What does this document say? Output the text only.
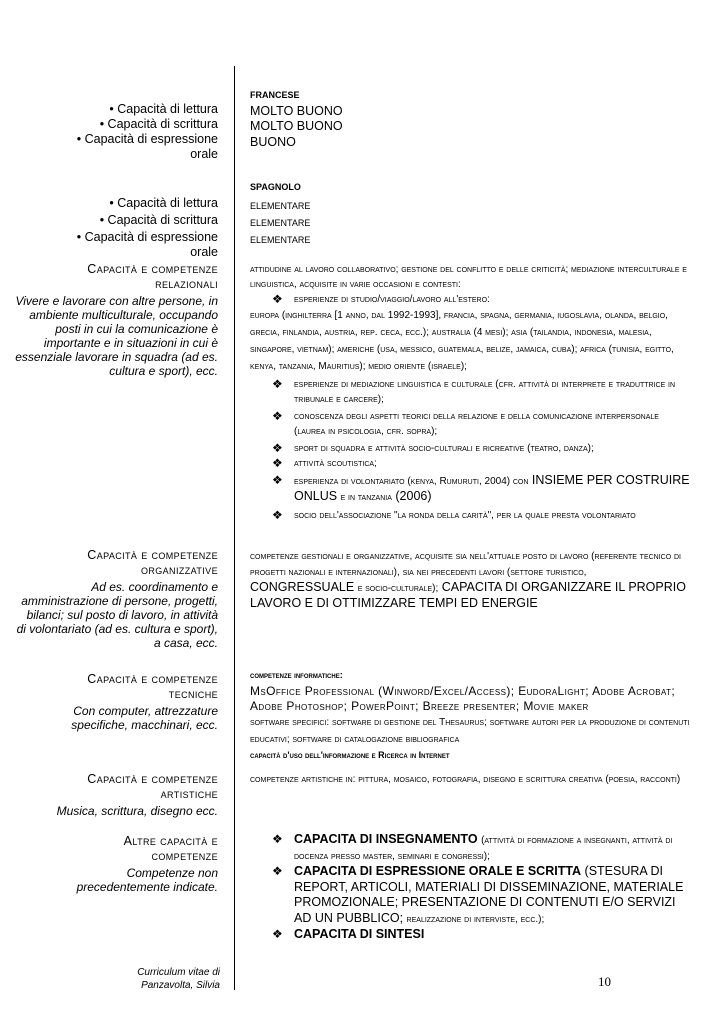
• Capacità di lettura
• Capacità di scrittura
• Capacità di espressione orale
FRANCESE
MOLTO BUONO
MOLTO BUONO
BUONO
• Capacità di lettura
• Capacità di scrittura
• Capacità di espressione orale
SPAGNOLO
ELEMENTARE
ELEMENTARE
ELEMENTARE
Capacità e competenze relazionali
Vivere e lavorare con altre persone, in ambiente multiculturale, occupando posti in cui la comunicazione è importante e in situazioni in cui è essenziale lavorare in squadra (ad es. cultura e sport), ecc.
attidudine al lavoro collaborativo; gestione del conflitto e delle criticità; mediazione interculturale e linguistica, acquisite in varie occasioni e contesti:
❖ esperienze di studio/viaggio/lavoro all'estero:
europa (inghilterra [1 anno, dal 1992-1993], francia, spagna, germania, iugoslavia, olanda, belgio, grecia, finlandia, austria, rep. ceca, ecc.); australia (4 mesi); asia (tailandia, indonesia, malesia, singapore, vietnam); americhe (usa, messico, guatemala, belize, jamaica, cuba); africa (tunisia, egitto, kenya, tanzania, Mauritius); medio oriente (israele);
❖ esperienze di mediazione linguistica e culturale (cfr. attività di interprete e traduttrice in tribunale e carcere);
❖ conoscenza degli aspetti teorici della relazione e della comunicazione interpersonale (laurea in psicologia, cfr. sopra);
❖ sport di squadra e attività socio-culturali e ricreative (teatro, danza);
❖ attività scoutistica;
❖ esperienza di volontariato (kenya, Rumuruti, 2004) con INSIEME PER COSTRUIRE ONLUS e in tanzania (2006)
❖ socio dell'associazione "la ronda della carità", per la quale presta volontariato
Capacità e competenze organizzative
Ad es. coordinamento e amministrazione di persone, progetti, bilanci; sul posto di lavoro, in attività di volontariato (ad es. cultura e sport), a casa, ecc.
competenze gestionali e organizzative, acquisite sia nell'attuale posto di lavoro (referente tecnico di progetti nazionali e internazionali), sia nei precedenti lavori (settore turistico, CONGRESSUALE e socio-culturale); CAPACITA DI ORGANIZZARE IL PROPRIO LAVORO E DI OTTIMIZZARE TEMPI ED ENERGIE
Capacità e competenze tecniche
Con computer, attrezzature specifiche, macchinari, ecc.
competenze informatiche:
MsOffice Professional (Winword/Excel/Access); EudoraLight; Adobe Acrobat; Adobe Photoshop; PowerPoint; Breeze presenter; Movie maker
software specifici: software di gestione del Thesaurus; software autori per la produzione di contenuti educativi; software di catalogazione bibliografica
capacità d'uso dell'informazione e Ricerca in Internet
Capacità e competenze artistiche
Musica, scrittura, disegno ecc.
competenze artistiche in: pittura, mosaico, fotografia, disegno e scrittura creativa (poesia, racconti)
Altre capacità e competenze
Competenze non precedentemente indicate.
❖ CAPACITA DI INSEGNAMENTO (attività di formazione a insegnanti, attività di docenza presso master, seminari e congressi);
❖ CAPACITA DI ESPRESSIONE ORALE E SCRITTA (STESURA DI REPORT, ARTICOLI, MATERIALI DI DISSEMINAZIONE, MATERIALE PROMOZIONALE; PRESENTAZIONE DI CONTENUTI E/O SERVIZI AD UN PUBBLICO; realizzazione di interviste, ecc.);
❖ CAPACITA DI SINTESI
Curriculum vitae di
Panzavolta, Silvia	10
